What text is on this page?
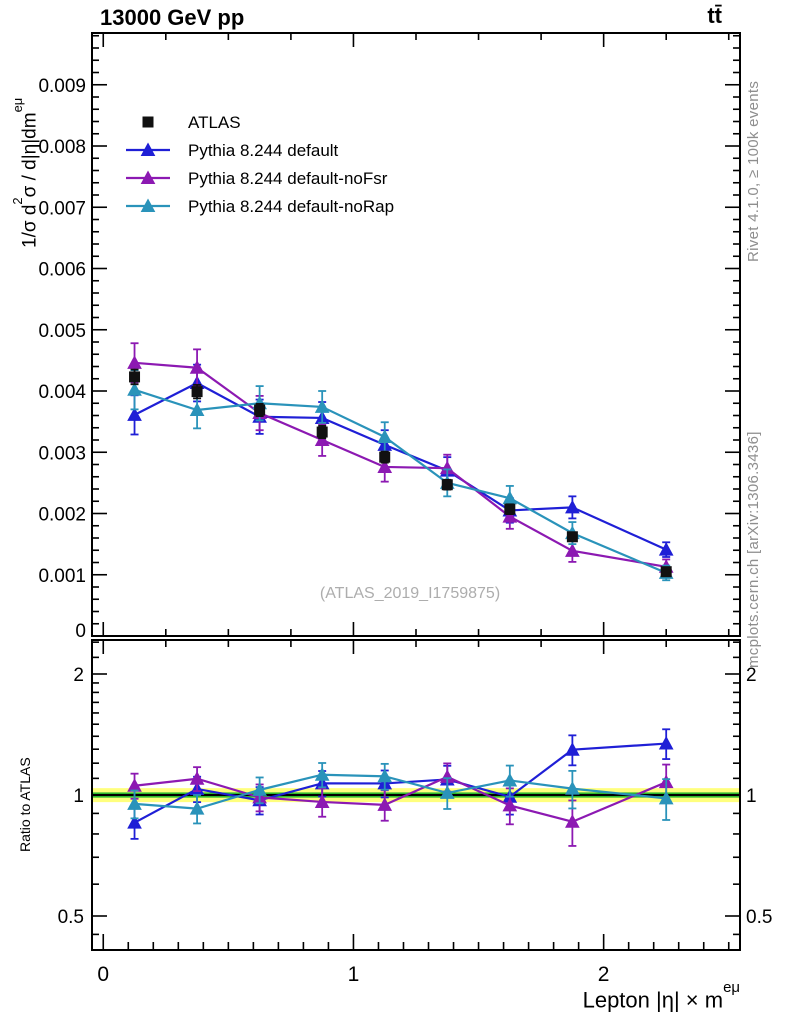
(ATLAS_2019_I1759875)
0.001
0.002
0.003
0.004
0.005
0.006
0.007
0.008
0.009
0
0.5	0.5
1	1
2	2
0	1	2
ATLAS
Pythia 8.244 default
Pythia 8.244 default-noFsr
Pythia 8.244 default-noRap
13000 GeV pp	tt̄
1/σ $d^2\sigma / d|\eta|dm^{e\mu}$
Ratio to ATLAS
Rivet 4.1.0, ≥ 100k events
mcplots.cern.ch [arXiv:1306.3436]
Lepton $|\eta| \times m^{e\mu}$
